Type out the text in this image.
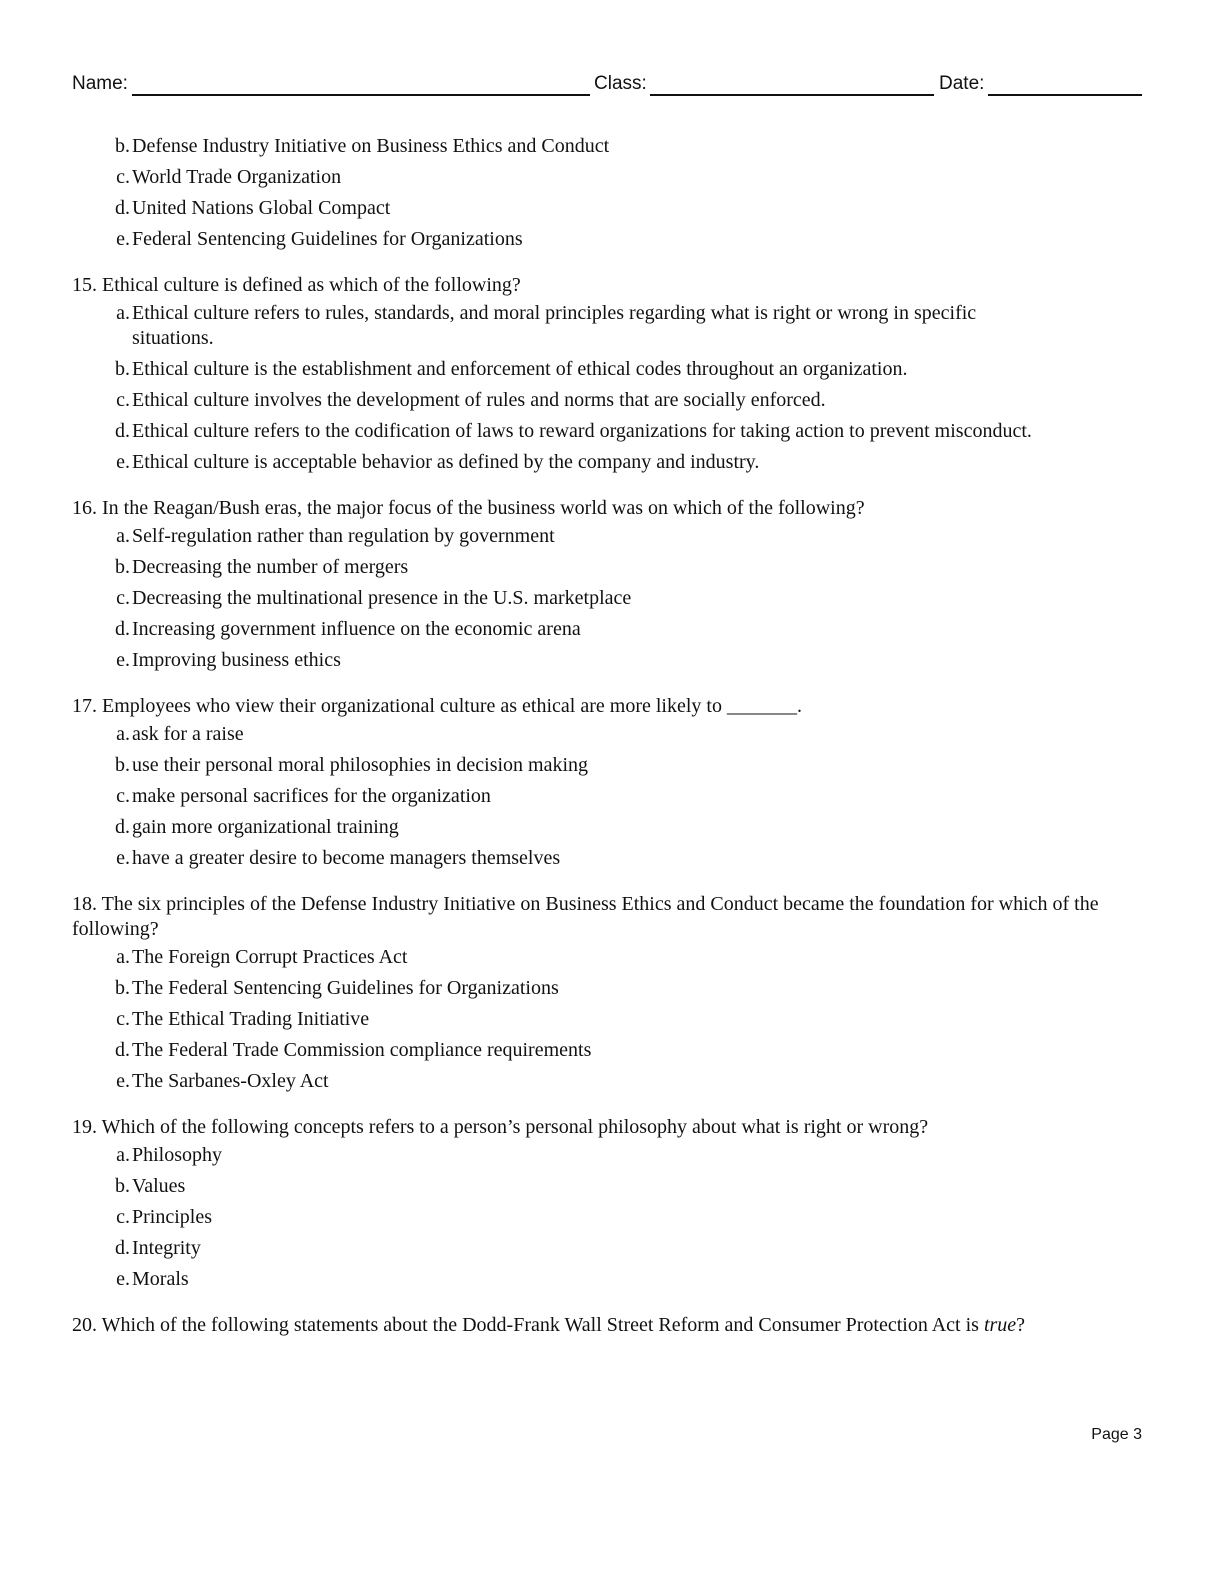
Name:	Class:	Date:
b. Defense Industry Initiative on Business Ethics and Conduct
c. World Trade Organization
d. United Nations Global Compact
e. Federal Sentencing Guidelines for Organizations
15. Ethical culture is defined as which of the following?
a. Ethical culture refers to rules, standards, and moral principles regarding what is right or wrong in specific situations.
b. Ethical culture is the establishment and enforcement of ethical codes throughout an organization.
c. Ethical culture involves the development of rules and norms that are socially enforced.
d. Ethical culture refers to the codification of laws to reward organizations for taking action to prevent misconduct.
e. Ethical culture is acceptable behavior as defined by the company and industry.
16. In the Reagan/Bush eras, the major focus of the business world was on which of the following?
a. Self-regulation rather than regulation by government
b. Decreasing the number of mergers
c. Decreasing the multinational presence in the U.S. marketplace
d. Increasing government influence on the economic arena
e. Improving business ethics
17. Employees who view their organizational culture as ethical are more likely to _______.
a. ask for a raise
b. use their personal moral philosophies in decision making
c. make personal sacrifices for the organization
d. gain more organizational training
e. have a greater desire to become managers themselves
18. The six principles of the Defense Industry Initiative on Business Ethics and Conduct became the foundation for which of the following?
a. The Foreign Corrupt Practices Act
b. The Federal Sentencing Guidelines for Organizations
c. The Ethical Trading Initiative
d. The Federal Trade Commission compliance requirements
e. The Sarbanes-Oxley Act
19. Which of the following concepts refers to a person’s personal philosophy about what is right or wrong?
a. Philosophy
b. Values
c. Principles
d. Integrity
e. Morals
20. Which of the following statements about the Dodd-Frank Wall Street Reform and Consumer Protection Act is true?
Page 3
